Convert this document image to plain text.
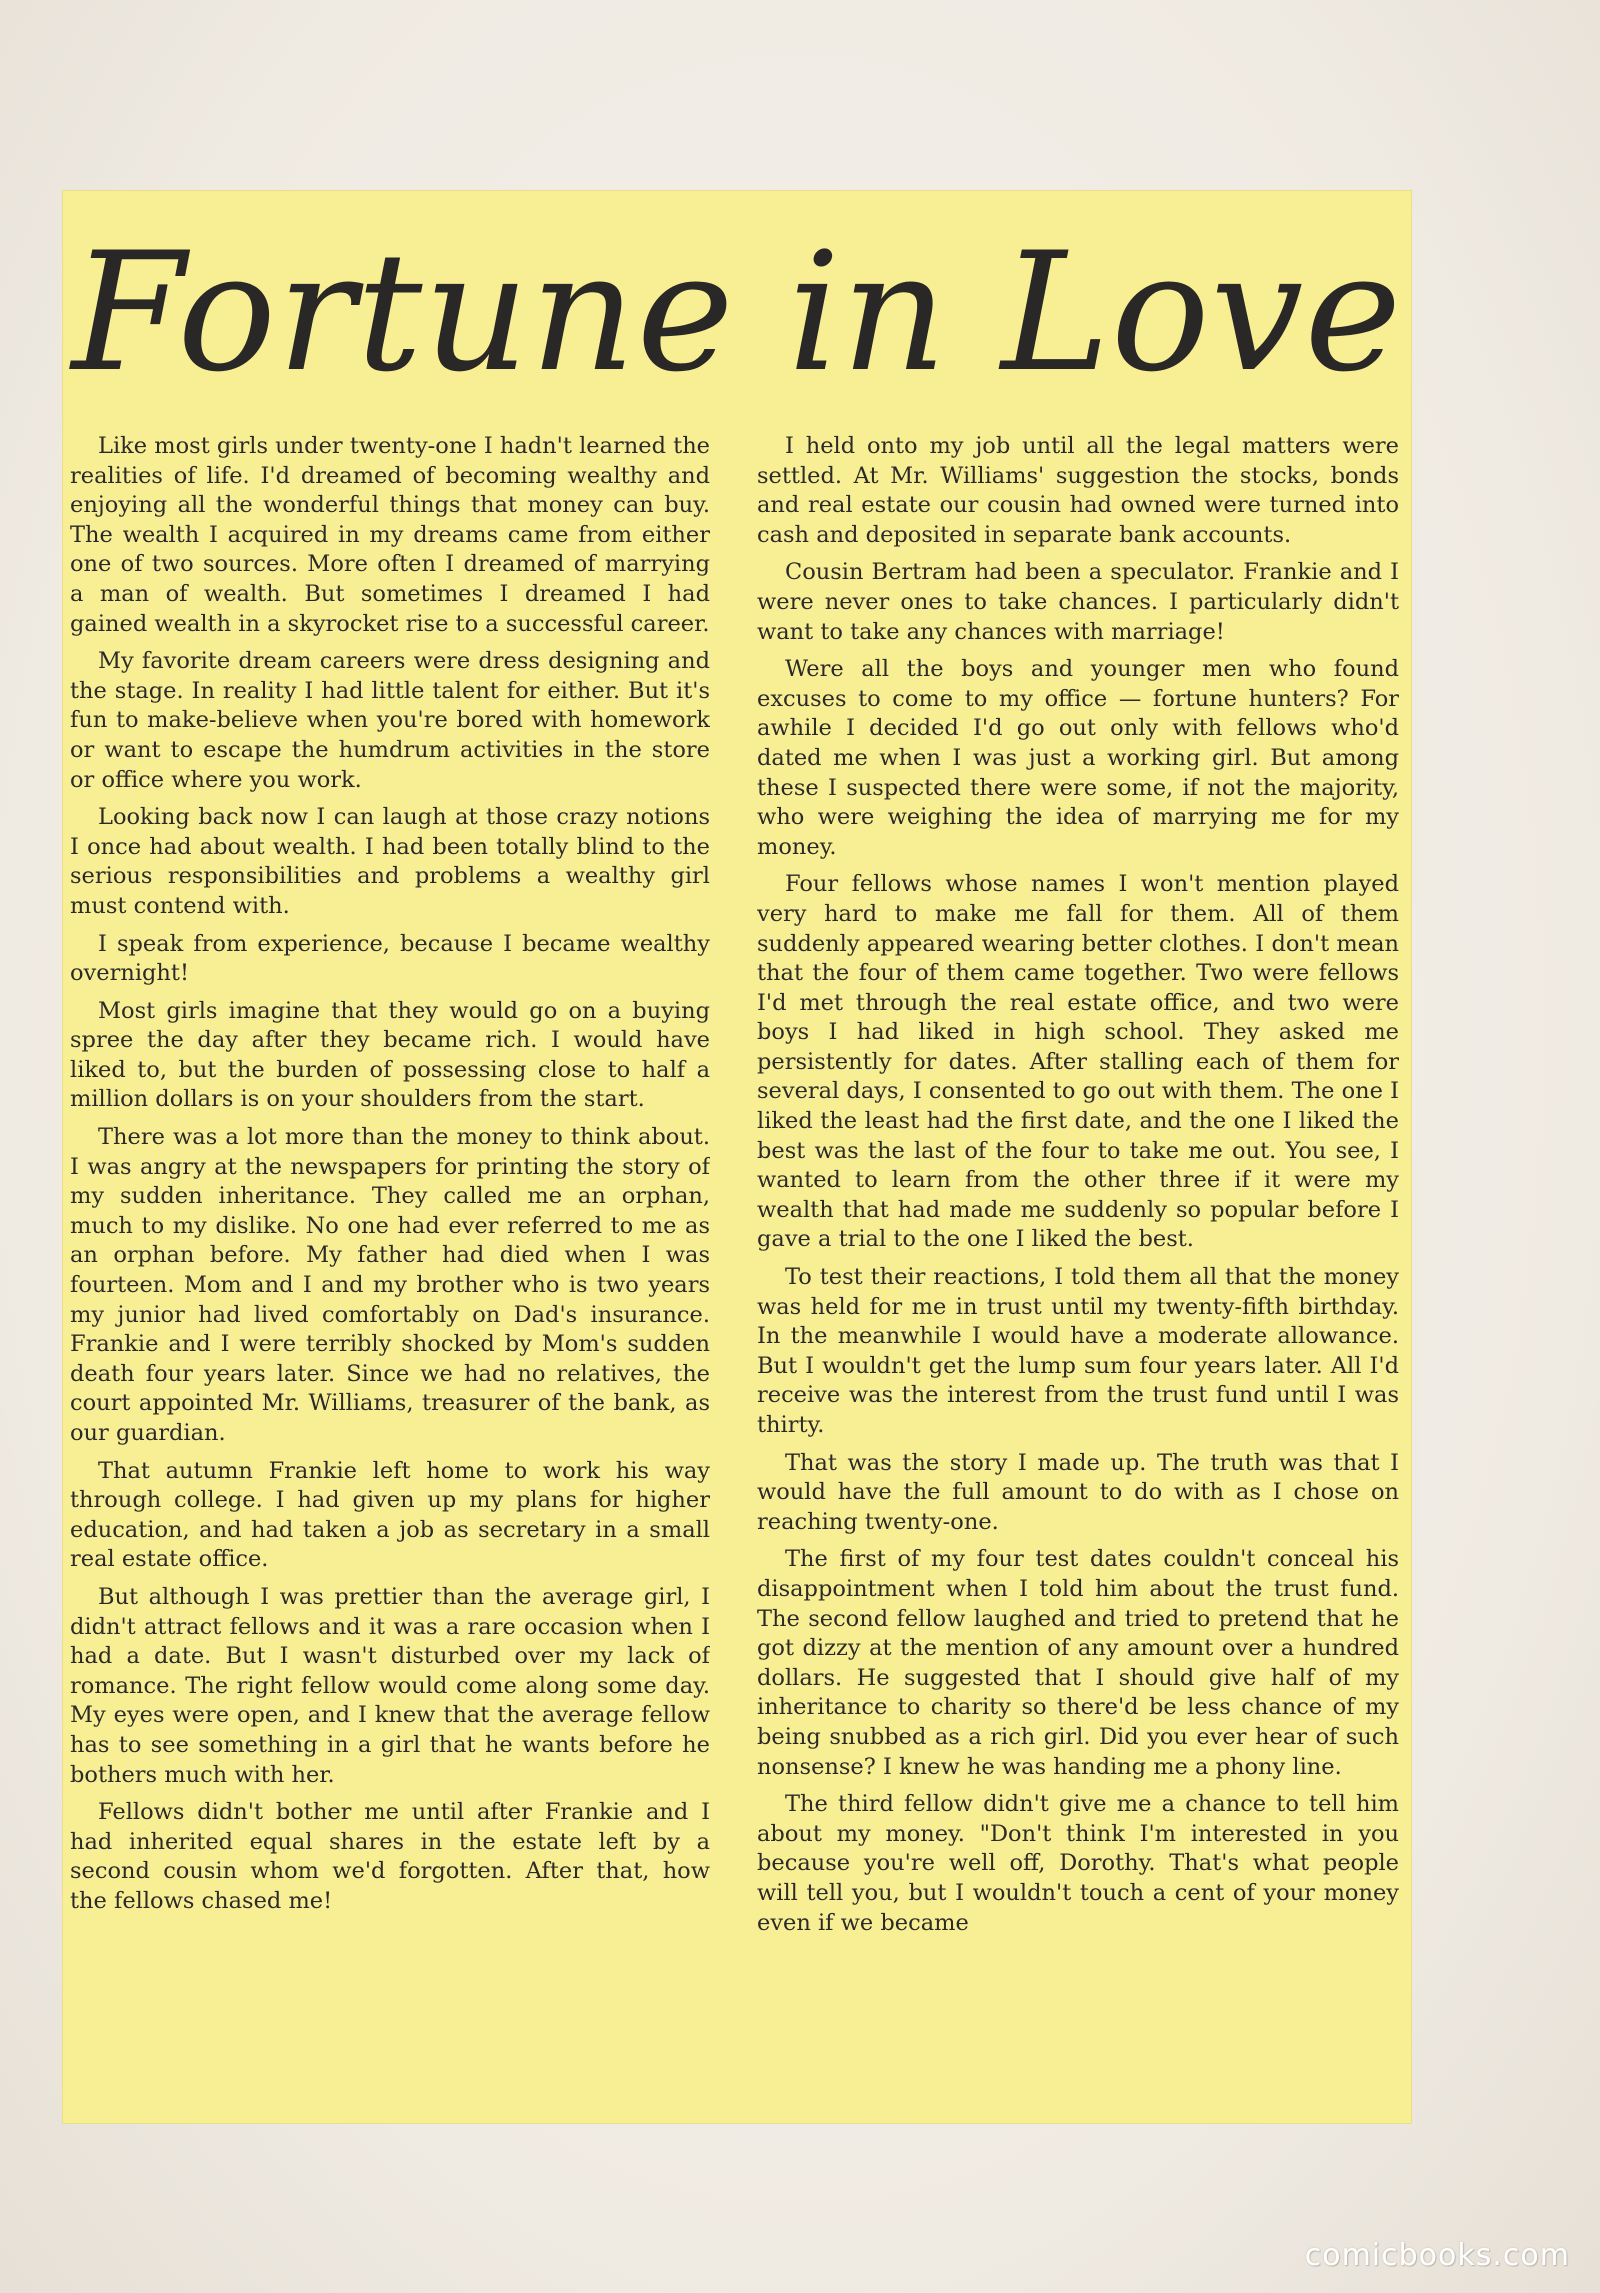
Fortune in Love

Like most girls under twenty-one I hadn't learned the realities of life. I'd dreamed of becoming wealthy and enjoying all the wonderful things that money can buy. The wealth I acquired in my dreams came from either one of two sources. More often I dreamed of marrying a man of wealth. But sometimes I dreamed I had gained wealth in a skyrocket rise to a successful career.

My favorite dream careers were dress designing and the stage. In reality I had little talent for either. But it's fun to make-believe when you're bored with homework or want to escape the humdrum activities in the store or office where you work.

Looking back now I can laugh at those crazy notions I once had about wealth. I had been totally blind to the serious responsibilities and problems a wealthy girl must contend with.

I speak from experience, because I became wealthy overnight!

Most girls imagine that they would go on a buying spree the day after they became rich. I would have liked to, but the burden of possessing close to half a million dollars is on your shoulders from the start.

There was a lot more than the money to think about. I was angry at the newspapers for printing the story of my sudden inheritance. They called me an orphan, much to my dislike. No one had ever referred to me as an orphan before. My father had died when I was fourteen. Mom and I and my brother who is two years my junior had lived comfortably on Dad's insurance. Frankie and I were terribly shocked by Mom's sudden death four years later. Since we had no relatives, the court appointed Mr. Williams, treasurer of the bank, as our guardian.

That autumn Frankie left home to work his way through college. I had given up my plans for higher education, and had taken a job as secretary in a small real estate office.

But although I was prettier than the average girl, I didn't attract fellows and it was a rare occasion when I had a date. But I wasn't disturbed over my lack of romance. The right fellow would come along some day. My eyes were open, and I knew that the average fellow has to see something in a girl that he wants before he bothers much with her.

Fellows didn't bother me until after Frankie and I had inherited equal shares in the estate left by a second cousin whom we'd forgotten. After that, how the fellows chased me!

I held onto my job until all the legal matters were settled. At Mr. Williams' suggestion the stocks, bonds and real estate our cousin had owned were turned into cash and deposited in separate bank accounts.

Cousin Bertram had been a speculator. Frankie and I were never ones to take chances. I particularly didn't want to take any chances with marriage!

Were all the boys and younger men who found excuses to come to my office — fortune hunters? For awhile I decided I'd go out only with fellows who'd dated me when I was just a working girl. But among these I suspected there were some, if not the majority, who were weighing the idea of marrying me for my money.

Four fellows whose names I won't mention played very hard to make me fall for them. All of them suddenly appeared wearing better clothes. I don't mean that the four of them came together. Two were fellows I'd met through the real estate office, and two were boys I had liked in high school. They asked me persistently for dates. After stalling each of them for several days, I consented to go out with them. The one I liked the least had the first date, and the one I liked the best was the last of the four to take me out. You see, I wanted to learn from the other three if it were my wealth that had made me suddenly so popular before I gave a trial to the one I liked the best.

To test their reactions, I told them all that the money was held for me in trust until my twenty-fifth birthday. In the meanwhile I would have a moderate allowance. But I wouldn't get the lump sum four years later. All I'd receive was the interest from the trust fund until I was thirty.

That was the story I made up. The truth was that I would have the full amount to do with as I chose on reaching twenty-one.

The first of my four test dates couldn't conceal his disappointment when I told him about the trust fund. The second fellow laughed and tried to pretend that he got dizzy at the mention of any amount over a hundred dollars. He suggested that I should give half of my inheritance to charity so there'd be less chance of my being snubbed as a rich girl. Did you ever hear of such nonsense? I knew he was handing me a phony line.

The third fellow didn't give me a chance to tell him about my money. "Don't think I'm interested in you because you're well off, Dorothy. That's what people will tell you, but I wouldn't touch a cent of your money even if we became

comicbooks.com
